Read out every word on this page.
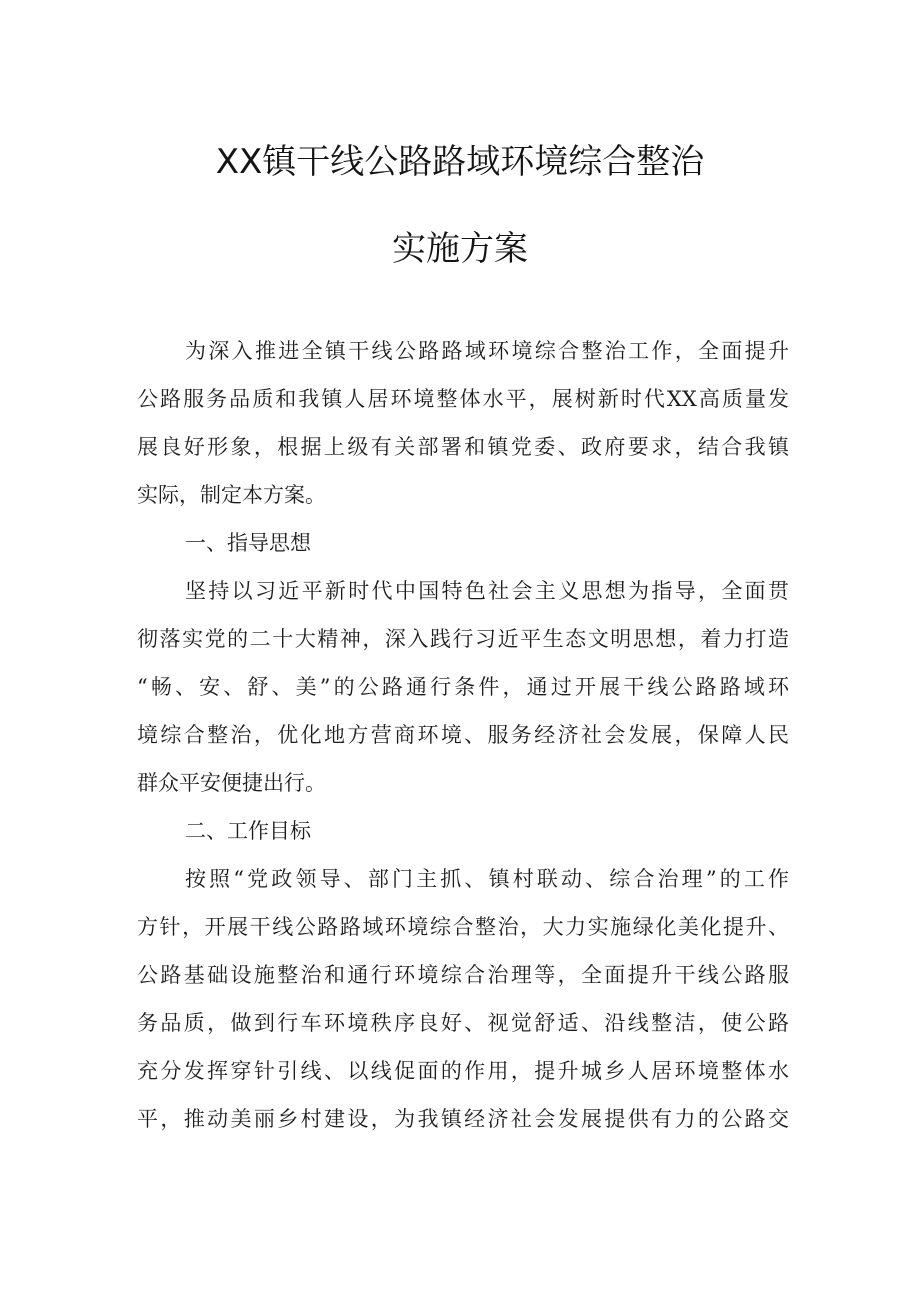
XX镇干线公路路域环境综合整治
实施方案
为深入推进全镇干线公路路域环境综合整治工作，全面提升
公路服务品质和我镇人居环境整体水平，展树新时代XX高质量发
展良好形象，根据上级有关部署和镇党委、政府要求，结合我镇
实际，制定本方案。
一、指导思想
坚持以习近平新时代中国特色社会主义思想为指导，全面贯
彻落实党的二十大精神，深入践行习近平生态文明思想，着力打造
“畅、安、舒、美”的公路通行条件，通过开展干线公路路域环
境综合整治，优化地方营商环境、服务经济社会发展，保障人民
群众平安便捷出行。
二、工作目标
按照“党政领导、部门主抓、镇村联动、综合治理”的工作
方针，开展干线公路路域环境综合整治，大力实施绿化美化提升、
公路基础设施整治和通行环境综合治理等，全面提升干线公路服
务品质，做到行车环境秩序良好、视觉舒适、沿线整洁，使公路
充分发挥穿针引线、以线促面的作用，提升城乡人居环境整体水
平，推动美丽乡村建设，为我镇经济社会发展提供有力的公路交
